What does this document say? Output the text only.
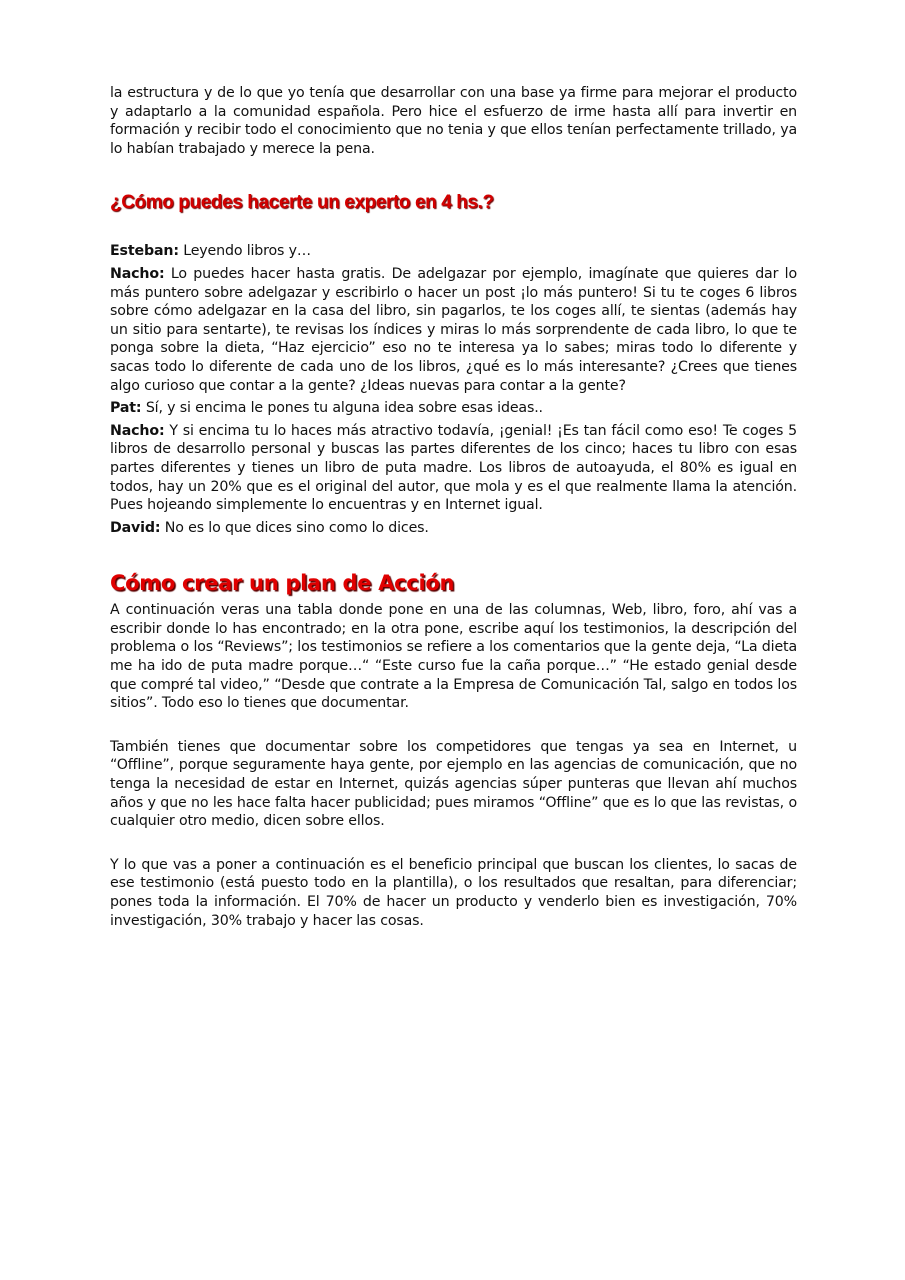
la estructura y de lo que yo tenía que desarrollar con una base ya firme para mejorar el producto y adaptarlo a la comunidad española. Pero hice el esfuerzo de irme hasta allí para invertir en formación y recibir todo el conocimiento que no tenia y que ellos tenían perfectamente trillado, ya lo habían trabajado y merece la pena.

¿Cómo puedes hacerte un experto en 4 hs.?

Esteban: Leyendo libros y…

Nacho: Lo puedes hacer hasta gratis. De adelgazar por ejemplo, imagínate que quieres dar lo más puntero sobre adelgazar y escribirlo o hacer un post ¡lo más puntero! Si tu te coges 6 libros sobre cómo adelgazar en la casa del libro, sin pagarlos, te los coges allí, te sientas (además hay un sitio para sentarte), te revisas los índices y miras lo más sorprendente de cada libro, lo que te ponga sobre la dieta, “Haz ejercicio” eso no te interesa ya lo sabes; miras todo lo diferente y sacas todo lo diferente de cada uno de los libros, ¿qué es lo más interesante? ¿Crees que tienes algo curioso que contar a la gente? ¿Ideas nuevas para contar a la gente?

Pat: Sí, y si encima le pones tu alguna idea sobre esas ideas..

Nacho: Y si encima tu lo haces más atractivo todavía, ¡genial! ¡Es tan fácil como eso! Te coges 5 libros de desarrollo personal y buscas las partes diferentes de los cinco; haces tu libro con esas partes diferentes y tienes un libro de puta madre. Los libros de autoayuda, el 80% es igual en todos, hay un 20% que es el original del autor, que mola y es el que realmente llama la atención. Pues hojeando simplemente lo encuentras y en Internet igual.

David: No es lo que dices sino como lo dices.

Cómo crear un plan de Acción

A continuación veras una tabla donde pone en una de las columnas, Web, libro, foro, ahí vas a escribir donde lo has encontrado; en la otra pone, escribe aquí los testimonios, la descripción del problema o los “Reviews”; los testimonios se refiere a los comentarios que la gente deja, “La dieta me ha ido de puta madre porque…“ “Este curso fue la caña porque…” “He estado genial desde que compré tal video,” “Desde que contrate a la Empresa de Comunicación Tal, salgo en todos los sitios”. Todo eso lo tienes que documentar.

También tienes que documentar sobre los competidores que tengas ya sea en Internet, u “Offline”, porque seguramente haya gente, por ejemplo en las agencias de comunicación, que no tenga la necesidad de estar en Internet, quizás agencias súper punteras que llevan ahí muchos años y que no les hace falta hacer publicidad; pues miramos “Offline” que es lo que las revistas, o cualquier otro medio, dicen sobre ellos.

Y lo que vas a poner a continuación es el beneficio principal que buscan los clientes, lo sacas de ese testimonio (está puesto todo en la plantilla), o los resultados que resaltan, para diferenciar; pones toda la información. El 70% de hacer un producto y venderlo bien es investigación, 70% investigación, 30% trabajo y hacer las cosas.
